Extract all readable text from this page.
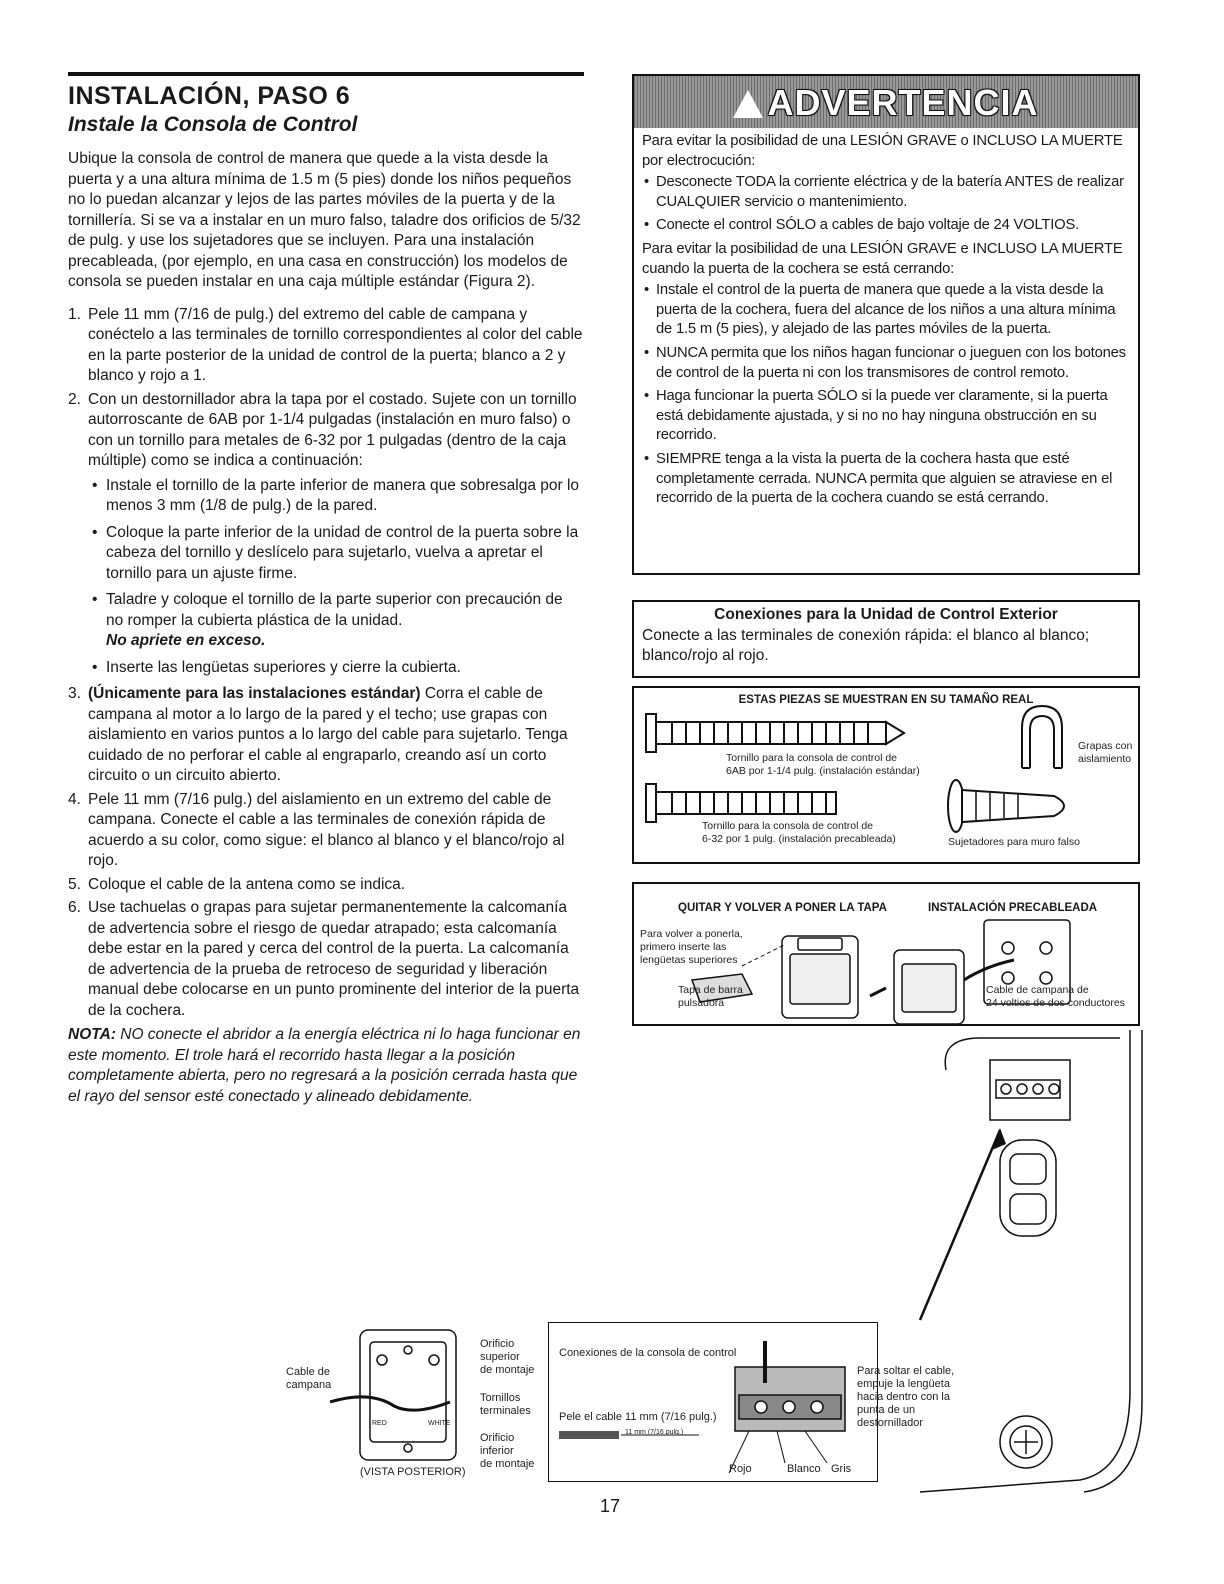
INSTALACIÓN, PASO 6
Instale la Consola de Control

Ubique la consola de control de manera que quede a la vista desde la puerta y a una altura mínima de 1.5 m (5 pies) donde los niños pequeños no lo puedan alcanzar y lejos de las partes móviles de la puerta y de la tornillería. Si se va a instalar en un muro falso, taladre dos orificios de 5/32 de pulg. y use los sujetadores que se incluyen. Para una instalación precableada, (por ejemplo, en una casa en construcción) los modelos de consola se pueden instalar en una caja múltiple estándar (Figura 2).

1. Pele 11 mm (7/16 de pulg.) del extremo del cable de campana y conéctelo a las terminales de tornillo correspondientes al color del cable en la parte posterior de la unidad de control de la puerta; blanco a 2 y blanco y rojo a 1.
2. Con un destornillador abra la tapa por el costado. Sujete con un tornillo autorroscante de 6AB por 1-1/4 pulgadas (instalación en muro falso) o con un tornillo para metales de 6-32 por 1 pulgadas (dentro de la caja múltiple) como se indica a continuación:
• Instale el tornillo de la parte inferior de manera que sobresalga por lo menos 3 mm (1/8 de pulg.) de la pared.
• Coloque la parte inferior de la unidad de control de la puerta sobre la cabeza del tornillo y deslícelo para sujetarlo, vuelva a apretar el tornillo para un ajuste firme.
• Taladre y coloque el tornillo de la parte superior con precaución de no romper la cubierta plástica de la unidad.
No apriete en exceso.
• Inserte las lengüetas superiores y cierre la cubierta.
3. (Únicamente para las instalaciones estándar) Corra el cable de campana al motor a lo largo de la pared y el techo; use grapas con aislamiento en varios puntos a lo largo del cable para sujetarlo. Tenga cuidado de no perforar el cable al engraparlo, creando así un corto circuito o un circuito abierto.
4. Pele 11 mm (7/16 pulg.) del aislamiento en un extremo del cable de campana. Conecte el cable a las terminales de conexión rápida de acuerdo a su color, como sigue: el blanco al blanco y el blanco/rojo al rojo.
5. Coloque el cable de la antena como se indica.
6. Use tachuelas o grapas para sujetar permanentemente la calcomanía de advertencia sobre el riesgo de quedar atrapado; esta calcomanía debe estar en la pared y cerca del control de la puerta. La calcomanía de advertencia de la prueba de retroceso de seguridad y liberación manual debe colocarse en un punto prominente del interior de la puerta de la cochera.
NOTA: NO conecte el abridor a la energía eléctrica ni lo haga funcionar en este momento. El trole hará el recorrido hasta llegar a la posición completamente abierta, pero no regresará a la posición cerrada hasta que el rayo del sensor esté conectado y alineado debidamente.
ADVERTENCIA

Para evitar la posibilidad de una LESIÓN GRAVE o INCLUSO LA MUERTE por electrocución:

• Desconecte TODA la corriente eléctrica y de la batería ANTES de realizar CUALQUIER servicio o mantenimiento.
• Conecte el control SÓLO a cables de bajo voltaje de 24 VOLTIOS.

Para evitar la posibilidad de una LESIÓN GRAVE e INCLUSO LA MUERTE cuando la puerta de la cochera se está cerrando:

• Instale el control de la puerta de manera que quede a la vista desde la puerta de la cochera, fuera del alcance de los niños a una altura mínima de 1.5 m (5 pies), y alejado de las partes móviles de la puerta.
• NUNCA permita que los niños hagan funcionar o jueguen con los botones de control de la puerta ni con los transmisores de control remoto.
• Haga funcionar la puerta SÓLO si la puede ver claramente, si la puerta está debidamente ajustada, y si no no hay ninguna obstrucción en su recorrido.
• SIEMPRE tenga a la vista la puerta de la cochera hasta que esté completamente cerrada. NUNCA permita que alguien se atraviese en el recorrido de la puerta de la cochera cuando se está cerrando.
Conexiones para la Unidad de Control Exterior
Conecte a las terminales de conexión rápida: el blanco al blanco; blanco/rojo al rojo.
ESTAS PIEZAS SE MUESTRAN EN SU TAMAÑO REAL
Tornillo para la consola de control de
6AB por 1-1/4 pulg. (instalación estándar)
Grapas con
aislamiento
Tornillo para la consola de control de
6-32 por 1 pulg. (instalación precableada)	Sujetadores para muro falso
QUITAR Y VOLVER A PONER LA TAPA	INSTALACIÓN PRECABLEADA
Para volver a ponerla,
primero inserte las
lengüetas superiores
Tapa de barra
pulsadora
Cable de campana de
24 voltios de dos conductores
Cable de
campana
Orificio
superior
de montaje
Tornillos
terminales
Orificio
inferior
de montaje
RED	WHITE
(VISTA POSTERIOR)
Conexiones de la consola de control
Pele el cable 11 mm (7/16 pulg.)
11 mm (7/16 pulg.)
Para soltar el cable,
empuje la lengüeta
hacia dentro con la
punta de un
destornillador
Rojo	Blanco Gris
17
